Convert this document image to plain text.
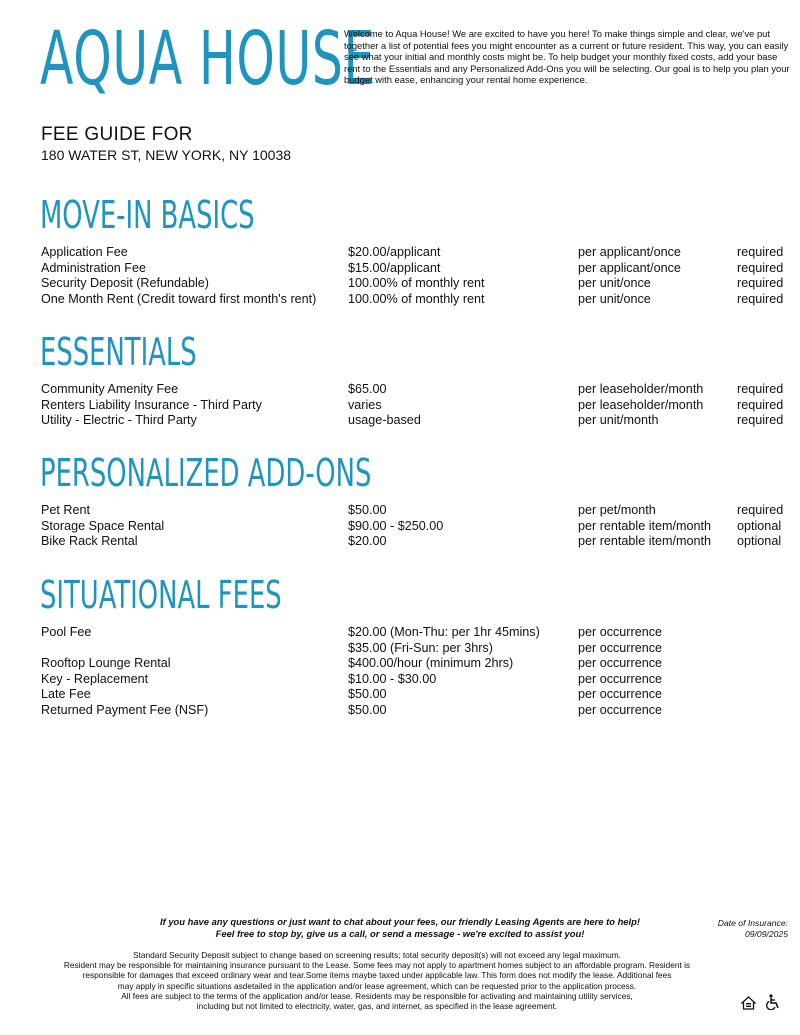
AQUA HOUSE
Welcome to Aqua House! We are excited to have you here! To make things simple and clear, we've put together a list of potential fees you might encounter as a current or future resident. This way, you can easily see what your initial and monthly costs might be. To help budget your monthly fixed costs, add your base rent to the Essentials and any Personalized Add-Ons you will be selecting. Our goal is to help you plan your budget with ease, enhancing your rental home experience.
FEE GUIDE FOR
180 WATER ST, NEW YORK, NY 10038
MOVE-IN BASICS
Application Fee	$20.00/applicant	per applicant/once	required
Administration Fee	$15.00/applicant	per applicant/once	required
Security Deposit (Refundable)	100.00% of monthly rent	per unit/once	required
One Month Rent (Credit toward first month's rent)	100.00% of monthly rent	per unit/once	required
ESSENTIALS
Community Amenity Fee	$65.00	per leaseholder/month	required
Renters Liability Insurance - Third Party	varies	per leaseholder/month	required
Utility - Electric - Third Party	usage-based	per unit/month	required
PERSONALIZED ADD-ONS
Pet Rent	$50.00	per pet/month	required
Storage Space Rental	$90.00 - $250.00	per rentable item/month optional
Bike Rack Rental	$20.00	per rentable item/month optional
SITUATIONAL FEES
Pool Fee	$20.00 (Mon-Thu: per 1hr 45mins)	per occurrence
$35.00 (Fri-Sun: per 3hrs)	per occurrence
Rooftop Lounge Rental	$400.00/hour (minimum 2hrs)	per occurrence
Key - Replacement	$10.00 - $30.00	per occurrence
Late Fee	$50.00	per occurrence
Returned Payment Fee (NSF)	$50.00	per occurrence
If you have any questions or just want to chat about your fees, our friendly Leasing Agents are here to help!
Feel free to stop by, give us a call, or send a message - we're excited to assist you!
Date of Insurance:
09/09/2025
Standard Security Deposit subject to change based on screening results; total security deposit(s) will not exceed any legal maximum.
Resident may be responsible for maintaining insurance pursuant to the Lease. Some fees may not apply to apartment homes subject to an affordable program. Resident is
responsible for damages that exceed ordinary wear and tear.Some items maybe taxed under applicable law. This form does not modify the lease. Additional fees
may apply in specific situations asdetailed in the application and/or lease agreement, which can be requested prior to the application process.
All fees are subject to the terms of the application and/or lease. Residents may be responsible for activating and maintaining utility services,
including but not limited to electricity, water, gas, and internet, as specified in the lease agreement.
